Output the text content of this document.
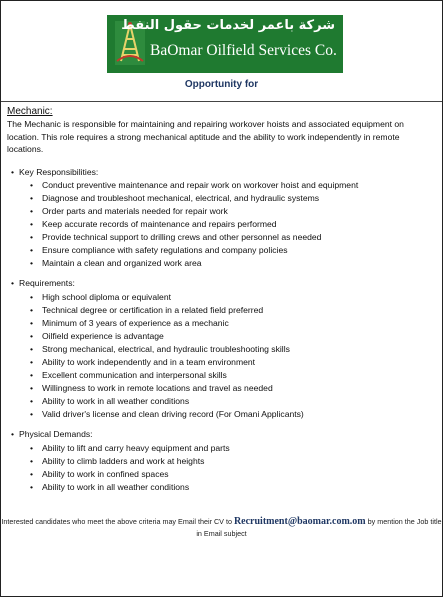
شركة باعمر لخدمات حقول النفط
BaOmar Oilfield Services Co.
Opportunity for
Mechanic:

The Mechanic is responsible for maintaining and repairing workover hoists and associated equipment on location. This role requires a strong mechanical aptitude and the ability to work independently in remote locations.

• Key Responsibilities:
• Conduct preventive maintenance and repair work on workover hoist and equipment
• Diagnose and troubleshoot mechanical, electrical, and hydraulic systems
• Order parts and materials needed for repair work
• Keep accurate records of maintenance and repairs performed
• Provide technical support to drilling crews and other personnel as needed
• Ensure compliance with safety regulations and company policies
• Maintain a clean and organized work area
• Requirements:
• High school diploma or equivalent
• Technical degree or certification in a related field preferred
• Minimum of 3 years of experience as a mechanic
• Oilfield experience is advantage
• Strong mechanical, electrical, and hydraulic troubleshooting skills
• Ability to work independently and in a team environment
• Excellent communication and interpersonal skills
• Willingness to work in remote locations and travel as needed
• Ability to work in all weather conditions
• Valid driver's license and clean driving record (For Omani Applicants)
• Physical Demands:
• Ability to lift and carry heavy equipment and parts
• Ability to climb ladders and work at heights
• Ability to work in confined spaces
• Ability to work in all weather conditions
Interested candidates who meet the above criteria may Email their CV to Recruitment@baomar.com.om by mention the Job title in Email subject
